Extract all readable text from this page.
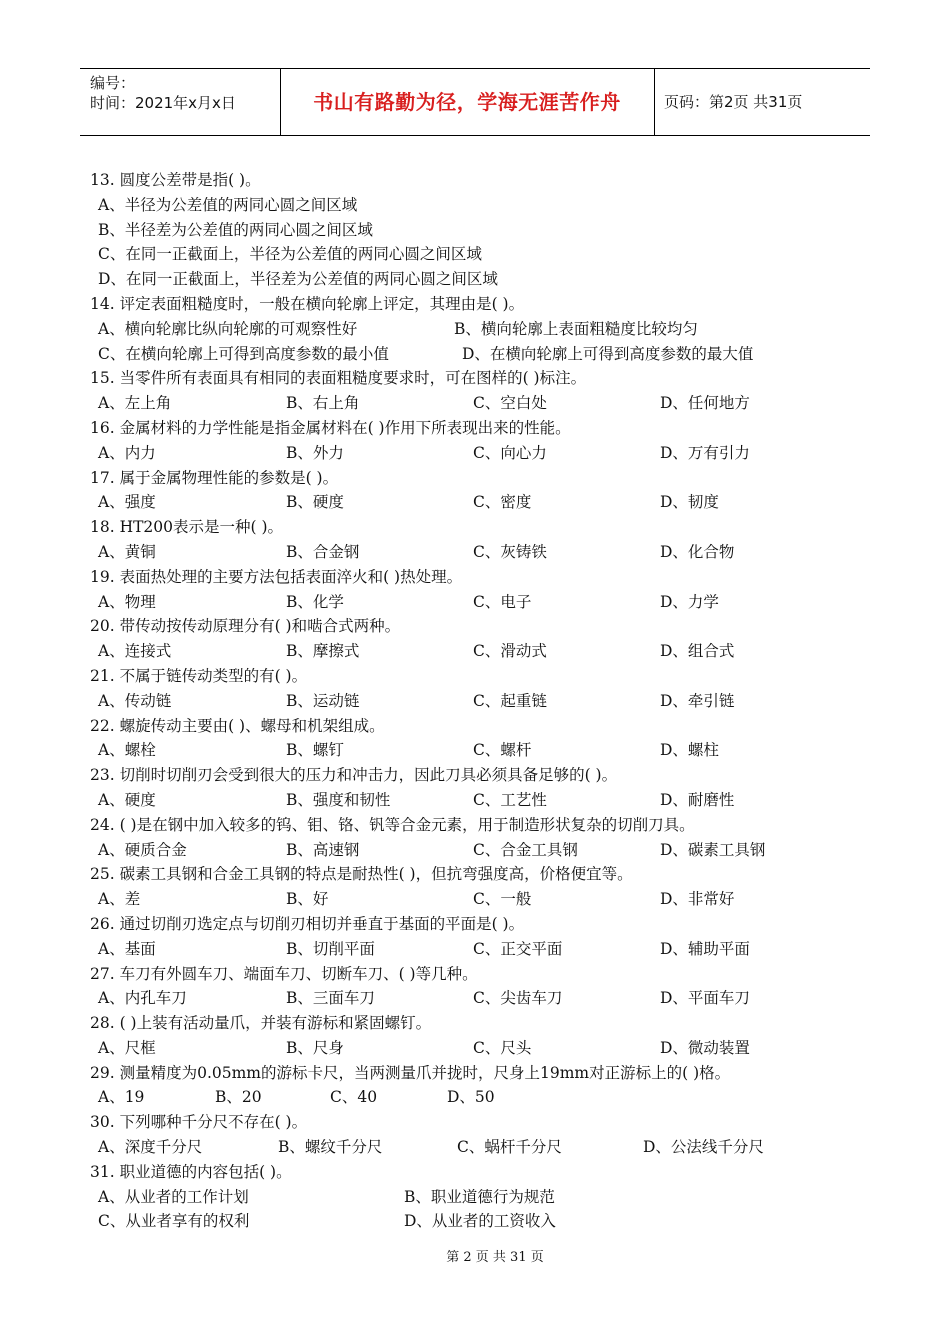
编号：
时间：2021年x月x日	书山有路勤为径，学海无涯苦作舟	页码：第2页 共31页
13. 圆度公差带是指( )。
A、半径为公差值的两同心圆之间区域
B、半径差为公差值的两同心圆之间区域
C、在同一正截面上，半径为公差值的两同心圆之间区域
D、在同一正截面上，半径差为公差值的两同心圆之间区域
14. 评定表面粗糙度时，一般在横向轮廓上评定，其理由是( )。
A、横向轮廓比纵向轮廓的可观察性好	B、横向轮廓上表面粗糙度比较均匀
C、在横向轮廓上可得到高度参数的最小值	D、在横向轮廓上可得到高度参数的最大值
15. 当零件所有表面具有相同的表面粗糙度要求时，可在图样的( )标注。
A、左上角	B、右上角	C、空白处	D、任何地方
16. 金属材料的力学性能是指金属材料在( )作用下所表现出来的性能。
A、内力	B、外力	C、向心力	D、万有引力
17. 属于金属物理性能的参数是( )。
A、强度	B、硬度	C、密度	D、韧度
18. HT200表示是一种( )。
A、黄铜	B、合金钢	C、灰铸铁	D、化合物
19. 表面热处理的主要方法包括表面淬火和( )热处理。
A、物理	B、化学	C、电子	D、力学
20. 带传动按传动原理分有( )和啮合式两种。
A、连接式	B、摩擦式	C、滑动式	D、组合式
21. 不属于链传动类型的有( )。
A、传动链	B、运动链	C、起重链	D、牵引链
22. 螺旋传动主要由( )、螺母和机架组成。
A、螺栓	B、螺钉	C、螺杆	D、螺柱
23. 切削时切削刃会受到很大的压力和冲击力，因此刀具必须具备足够的( )。
A、硬度	B、强度和韧性	C、工艺性	D、耐磨性
24. ( )是在钢中加入较多的钨、钼、铬、钒等合金元素，用于制造形状复杂的切削刀具。
A、硬质合金	B、高速钢	C、合金工具钢	D、碳素工具钢
25. 碳素工具钢和合金工具钢的特点是耐热性( )，但抗弯强度高，价格便宜等。
A、差	B、好	C、一般	D、非常好
26. 通过切削刃选定点与切削刃相切并垂直于基面的平面是( )。
A、基面	B、切削平面	C、正交平面	D、辅助平面
27. 车刀有外圆车刀、端面车刀、切断车刀、( )等几种。
A、内孔车刀	B、三面车刀	C、尖齿车刀	D、平面车刀
28. ( )上装有活动量爪，并装有游标和紧固螺钉。
A、尺框	B、尺身	C、尺头	D、微动装置
29. 测量精度为0.05mm的游标卡尺，当两测量爪并拢时，尺身上19mm对正游标上的( )格。
A、19	B、20	C、40	D、50
30. 下列哪种千分尺不存在( )。
A、深度千分尺	B、螺纹千分尺	C、蜗杆千分尺	D、公法线千分尺
31. 职业道德的内容包括( )。
A、从业者的工作计划	B、职业道德行为规范
C、从业者享有的权利	D、从业者的工资收入
第 2 页 共 31 页
